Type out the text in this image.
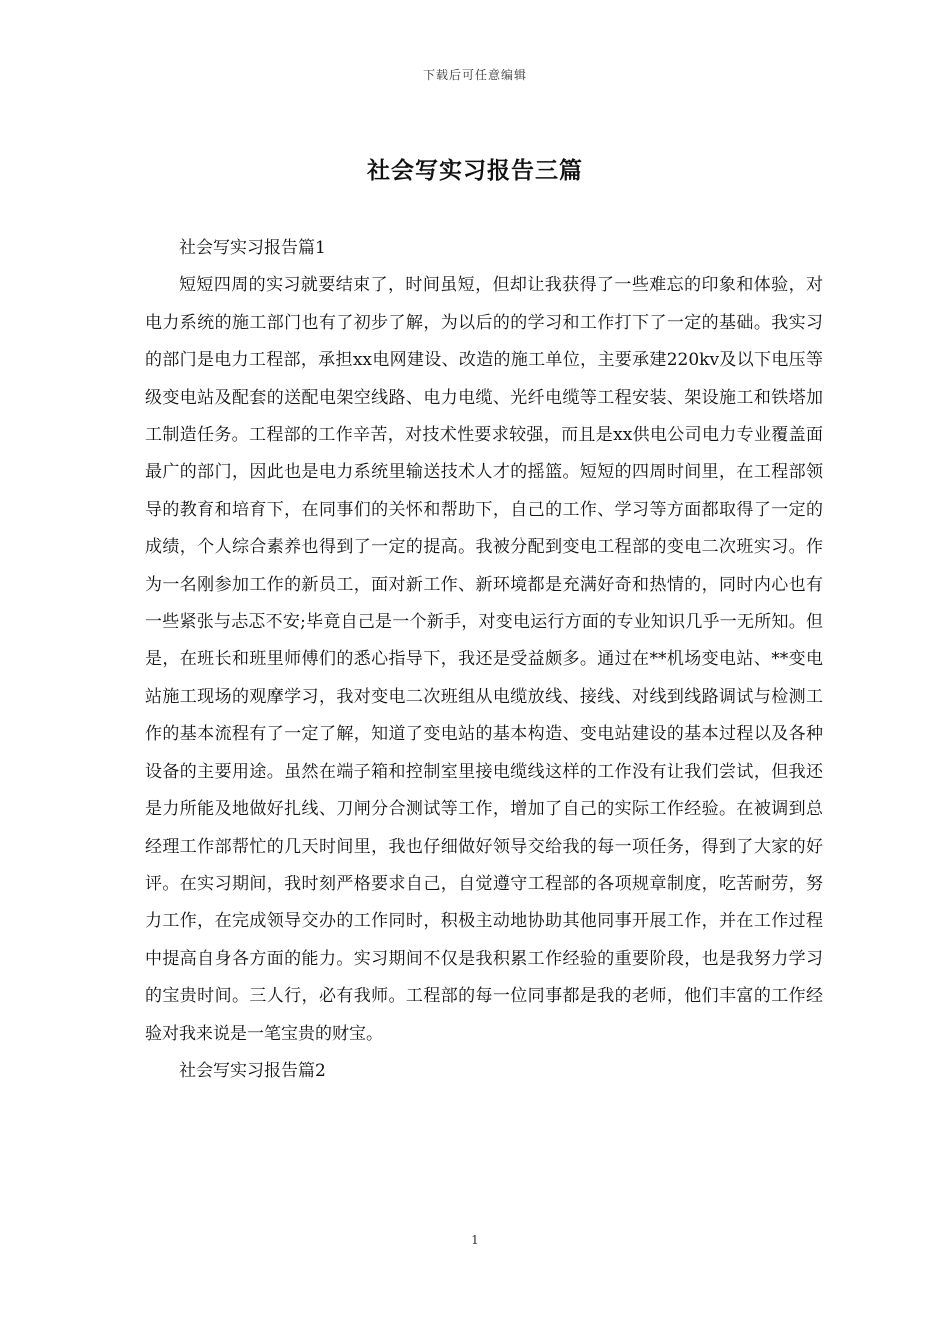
下载后可任意编辑
社会写实习报告三篇

社会写实习报告篇1

短短四周的实习就要结束了，时间虽短，但却让我获得了一些难忘的印象和体验，对电力系统的施工部门也有了初步了解，为以后的的学习和工作打下了一定的基础。我实习的部门是电力工程部，承担xx电网建设、改造的施工单位，主要承建220kv及以下电压等级变电站及配套的送配电架空线路、电力电缆、光纤电缆等工程安装、架设施工和铁塔加工制造任务。工程部的工作辛苦，对技术性要求较强，而且是xx供电公司电力专业覆盖面最广的部门，因此也是电力系统里输送技术人才的摇篮。短短的四周时间里，在工程部领导的教育和培育下，在同事们的关怀和帮助下，自己的工作、学习等方面都取得了一定的成绩，个人综合素养也得到了一定的提高。我被分配到变电工程部的变电二次班实习。作为一名刚参加工作的新员工，面对新工作、新环境都是充满好奇和热情的，同时内心也有一些紧张与忐忑不安;毕竟自己是一个新手，对变电运行方面的专业知识几乎一无所知。但是，在班长和班里师傅们的悉心指导下，我还是受益颇多。通过在**机场变电站、**变电站施工现场的观摩学习，我对变电二次班组从电缆放线、接线、对线到线路调试与检测工作的基本流程有了一定了解，知道了变电站的基本构造、变电站建设的基本过程以及各种设备的主要用途。虽然在端子箱和控制室里接电缆线这样的工作没有让我们尝试，但我还是力所能及地做好扎线、刀闸分合测试等工作，增加了自己的实际工作经验。在被调到总经理工作部帮忙的几天时间里，我也仔细做好领导交给我的每一项任务，得到了大家的好评。在实习期间，我时刻严格要求自己，自觉遵守工程部的各项规章制度，吃苦耐劳，努力工作，在完成领导交办的工作同时，积极主动地协助其他同事开展工作，并在工作过程中提高自身各方面的能力。实习期间不仅是我积累工作经验的重要阶段，也是我努力学习的宝贵时间。三人行，必有我师。工程部的每一位同事都是我的老师，他们丰富的工作经验对我来说是一笔宝贵的财宝。

社会写实习报告篇2

1
